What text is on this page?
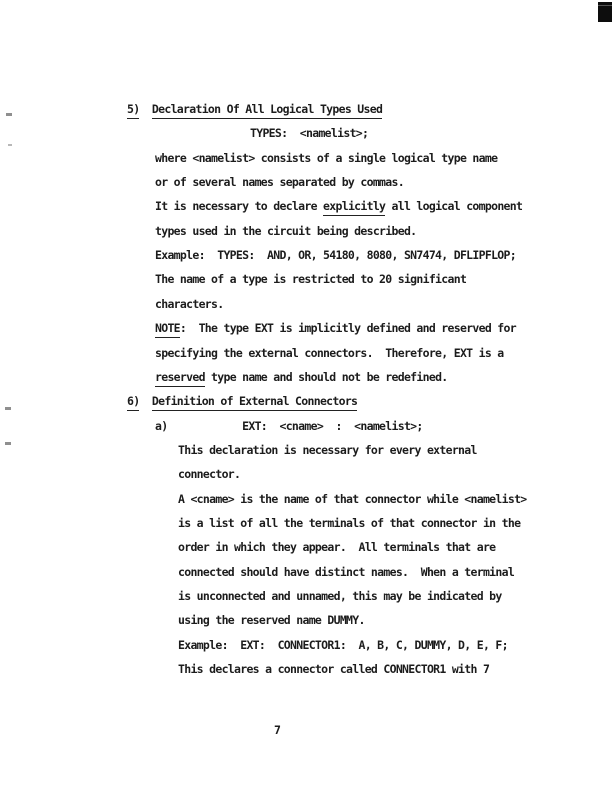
5) Declaration Of All Logical Types Used
TYPES:  <namelist>;
where <namelist> consists of a single logical type name
or of several names separated by commas.
It is necessary to declare explicitly all logical component
types used in the circuit being described.
Example:  TYPES:  AND, OR, 54180, 8080, SN7474, DFLIPFLOP;
The name of a type is restricted to 20 significant
characters.
NOTE:  The type EXT is implicitly defined and reserved for
specifying the external connectors.  Therefore, EXT is a
reserved type name and should not be redefined.
6) Definition of External Connectors
a)            EXT:  <cname>  :  <namelist>;
This declaration is necessary for every external
connector.
A <cname> is the name of that connector while <namelist>
is a list of all the terminals of that connector in the
order in which they appear.  All terminals that are
connected should have distinct names.  When a terminal
is unconnected and unnamed, this may be indicated by
using the reserved name DUMMY.
Example:  EXT:  CONNECTOR1:  A, B, C, DUMMY, D, E, F;
This declares a connector called CONNECTOR1 with 7
7
